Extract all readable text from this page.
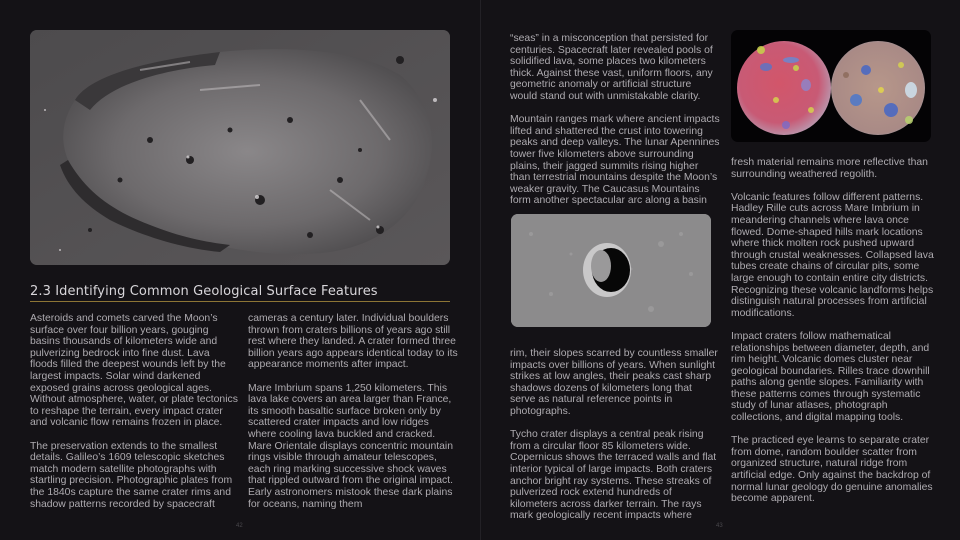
2.3 Identifying Common Geological Surface Features

Asteroids and comets carved the Moon’s surface over four billion years, gouging basins thousands of kilometers wide and pulverizing bedrock into fine dust. Lava floods filled the deepest wounds left by the largest impacts. Solar wind darkened exposed grains across geological ages. Without atmosphere, water, or plate tectonics to reshape the terrain, every impact crater and volcanic flow remains frozen in place.

The preservation extends to the smallest details. Galileo’s 1609 telescopic sketches match modern satellite photographs with startling precision. Photographic plates from the 1840s capture the same crater rims and shadow patterns recorded by spacecraft

cameras a century later. Individual boulders thrown from craters billions of years ago still rest where they landed. A crater formed three billion years ago appears identical today to its appearance moments after impact.

Mare Imbrium spans 1,250 kilometers. This lava lake covers an area larger than France, its smooth basaltic surface broken only by scattered crater impacts and low ridges where cooling lava buckled and cracked. Mare Orientale displays concentric mountain rings visible through amateur telescopes, each ring marking successive shock waves that rippled outward from the original impact. Early astronomers mistook these dark plains for oceans, naming them

42

“seas” in a misconception that persisted for centuries. Spacecraft later revealed pools of solidified lava, some places two kilometers thick. Against these vast, uniform floors, any geometric anomaly or artificial structure would stand out with unmistakable clarity.

Mountain ranges mark where ancient impacts lifted and shattered the crust into towering peaks and deep valleys. The lunar Apennines tower five kilometers above surrounding plains, their jagged summits rising higher than terrestrial mountains despite the Moon’s weaker gravity. The Caucasus Mountains form another spectacular arc along a basin

rim, their slopes scarred by countless smaller impacts over billions of years. When sunlight strikes at low angles, their peaks cast sharp shadows dozens of kilometers long that serve as natural reference points in photographs.

Tycho crater displays a central peak rising from a circular floor 85 kilometers wide. Copernicus shows the terraced walls and flat interior typical of large impacts. Both craters anchor bright ray systems. These streaks of pulverized rock extend hundreds of kilometers across darker terrain. The rays mark geologically recent impacts where

fresh material remains more reflective than surrounding weathered regolith.

Volcanic features follow different patterns. Hadley Rille cuts across Mare Imbrium in meandering channels where lava once flowed. Dome-shaped hills mark locations where thick molten rock pushed upward through crustal weaknesses. Collapsed lava tubes create chains of circular pits, some large enough to contain entire city districts. Recognizing these volcanic landforms helps distinguish natural processes from artificial modifications.

Impact craters follow mathematical relationships between diameter, depth, and rim height. Volcanic domes cluster near geological boundaries. Rilles trace downhill paths along gentle slopes. Familiarity with these patterns comes through systematic study of lunar atlases, photograph collections, and digital mapping tools.

The practiced eye learns to separate crater from dome, random boulder scatter from organized structure, natural ridge from artificial edge. Only against the backdrop of normal lunar geology do genuine anomalies become apparent.

43
